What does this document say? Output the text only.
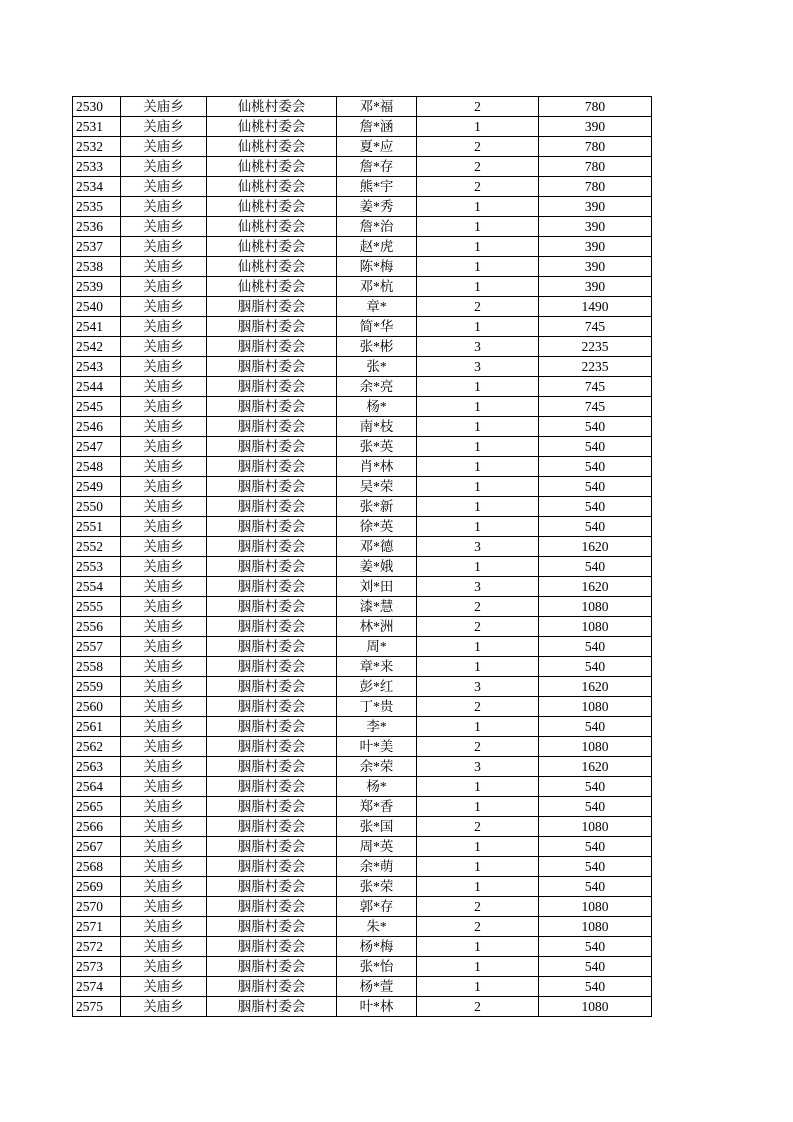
2530	关庙乡	仙桃村委会	邓*福	2	780
2531	关庙乡	仙桃村委会	詹*涵	1	390
2532	关庙乡	仙桃村委会	夏*应	2	780
2533	关庙乡	仙桃村委会	詹*存	2	780
2534	关庙乡	仙桃村委会	熊*宇	2	780
2535	关庙乡	仙桃村委会	姜*秀	1	390
2536	关庙乡	仙桃村委会	詹*治	1	390
2537	关庙乡	仙桃村委会	赵*虎	1	390
2538	关庙乡	仙桃村委会	陈*梅	1	390
2539	关庙乡	仙桃村委会	邓*杭	1	390
2540	关庙乡	胭脂村委会	章*	2	1490
2541	关庙乡	胭脂村委会	简*华	1	745
2542	关庙乡	胭脂村委会	张*彬	3	2235
2543	关庙乡	胭脂村委会	张*	3	2235
2544	关庙乡	胭脂村委会	余*亮	1	745
2545	关庙乡	胭脂村委会	杨*	1	745
2546	关庙乡	胭脂村委会	南*枝	1	540
2547	关庙乡	胭脂村委会	张*英	1	540
2548	关庙乡	胭脂村委会	肖*林	1	540
2549	关庙乡	胭脂村委会	吴*荣	1	540
2550	关庙乡	胭脂村委会	张*新	1	540
2551	关庙乡	胭脂村委会	徐*英	1	540
2552	关庙乡	胭脂村委会	邓*德	3	1620
2553	关庙乡	胭脂村委会	姜*娥	1	540
2554	关庙乡	胭脂村委会	刘*田	3	1620
2555	关庙乡	胭脂村委会	漆*慧	2	1080
2556	关庙乡	胭脂村委会	林*洲	2	1080
2557	关庙乡	胭脂村委会	周*	1	540
2558	关庙乡	胭脂村委会	章*来	1	540
2559	关庙乡	胭脂村委会	彭*红	3	1620
2560	关庙乡	胭脂村委会	丁*贵	2	1080
2561	关庙乡	胭脂村委会	李*	1	540
2562	关庙乡	胭脂村委会	叶*美	2	1080
2563	关庙乡	胭脂村委会	余*荣	3	1620
2564	关庙乡	胭脂村委会	杨*	1	540
2565	关庙乡	胭脂村委会	郑*香	1	540
2566	关庙乡	胭脂村委会	张*国	2	1080
2567	关庙乡	胭脂村委会	周*英	1	540
2568	关庙乡	胭脂村委会	余*萌	1	540
2569	关庙乡	胭脂村委会	张*荣	1	540
2570	关庙乡	胭脂村委会	郭*存	2	1080
2571	关庙乡	胭脂村委会	朱*	2	1080
2572	关庙乡	胭脂村委会	杨*梅	1	540
2573	关庙乡	胭脂村委会	张*怡	1	540
2574	关庙乡	胭脂村委会	杨*萱	1	540
2575	关庙乡	胭脂村委会	叶*林	2	1080
